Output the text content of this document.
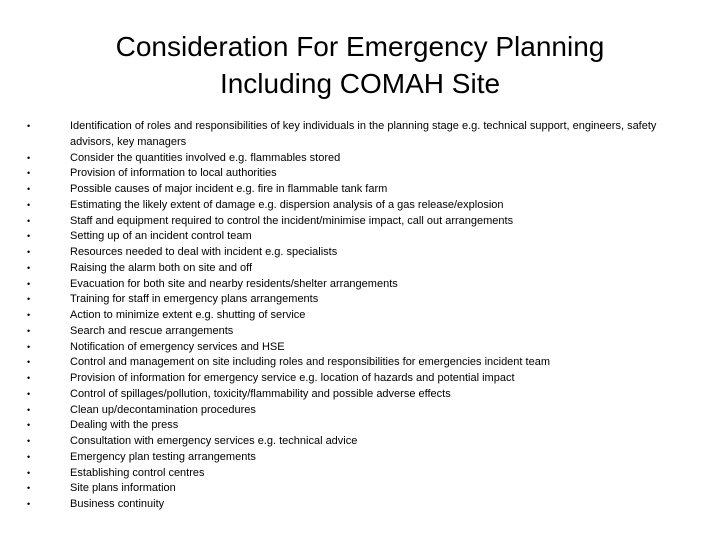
Consideration For Emergency Planning
Including COMAH Site
•	Identification of roles and responsibilities of key individuals in the planning stage e.g. technical support, engineers, safety advisors, key managers
•	Consider the quantities involved e.g. flammables stored
•	Provision of information to local authorities
•	Possible causes of major incident e.g. fire in flammable tank farm
•	Estimating the likely extent of damage e.g. dispersion analysis of a gas release/explosion
•	Staff and equipment required to control the incident/minimise impact, call out arrangements
•	Setting up of an incident control team
•	Resources needed to deal with incident e.g. specialists
•	Raising the alarm both on site and off
•	Evacuation for both site and nearby residents/shelter arrangements
•	Training for staff in emergency plans arrangements
•	Action to minimize extent e.g. shutting of service
•	Search and rescue arrangements
•	Notification of emergency services and HSE
•	Control and management on site including roles and responsibilities for emergencies incident team
•	Provision of information for emergency service e.g. location of hazards and potential impact
•	Control of spillages/pollution, toxicity/flammability and possible adverse effects
•	Clean up/decontamination procedures
•	Dealing with the press
•	Consultation with emergency services e.g. technical advice
•	Emergency plan testing arrangements
•	Establishing control centres
•	Site plans information
•	Business continuity
